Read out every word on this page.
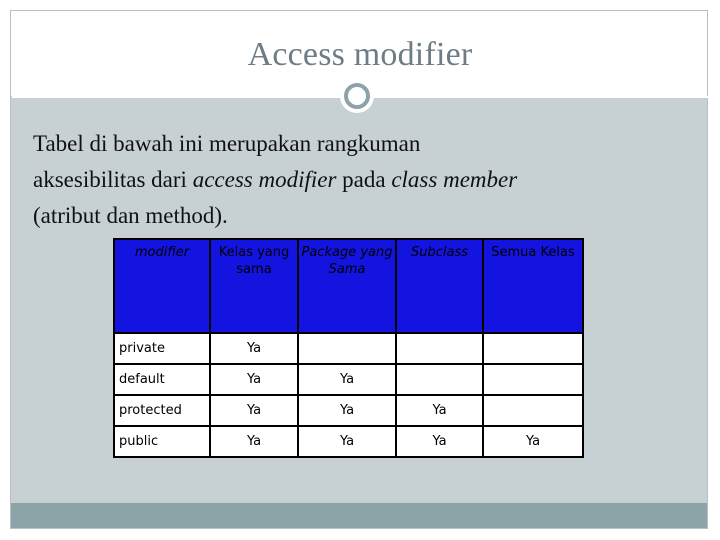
Access modifier
Tabel di bawah ini merupakan rangkuman
aksesibilitas dari access modifier pada class member
(atribut dan method).
modifier	Kelas yang sama	Package yang Sama	Subclass	Semua Kelas
private	Ya			
default	Ya	Ya		
protected	Ya	Ya	Ya	
public	Ya	Ya	Ya	Ya
